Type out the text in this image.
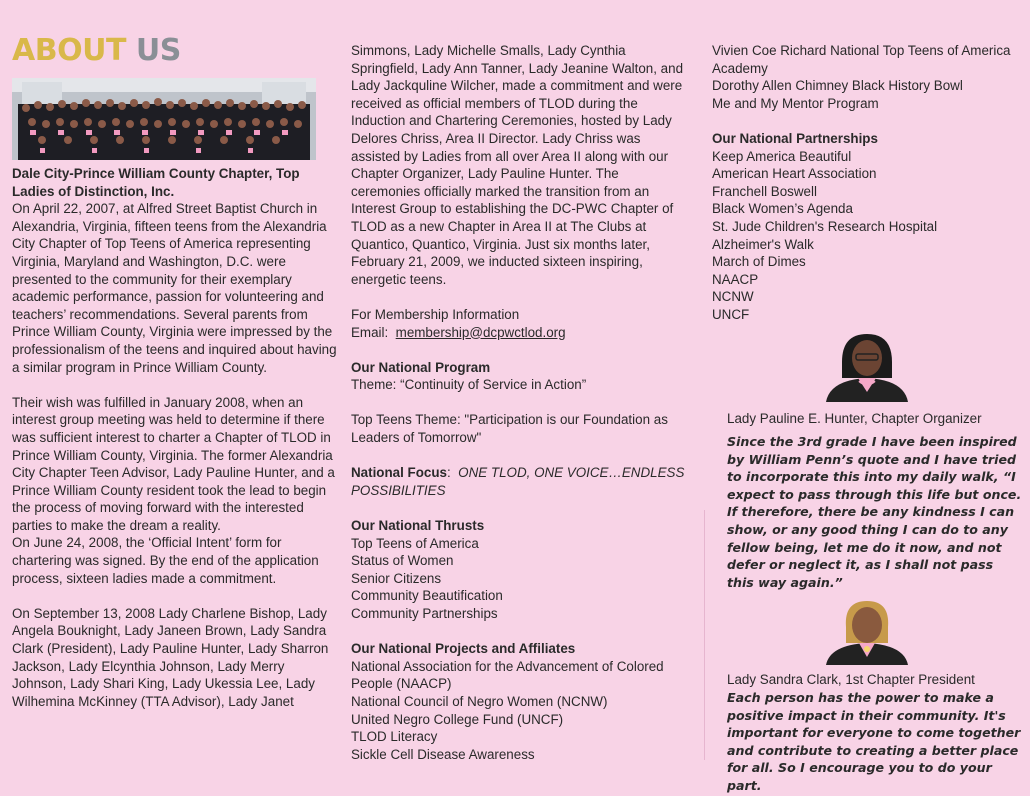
ABOUT US

Dale City-Prince William County Chapter, Top Ladies of Distinction, Inc.

On April 22, 2007, at Alfred Street Baptist Church in Alexandria, Virginia, fifteen teens from the Alexandria City Chapter of Top Teens of America representing Virginia, Maryland and Washington, D.C. were presented to the community for their exemplary academic performance, passion for volunteering and teachers’ recommendations. Several parents from Prince William County, Virginia were impressed by the professionalism of the teens and inquired about having a similar program in Prince William County.

Their wish was fulfilled in January 2008, when an interest group meeting was held to determine if there was sufficient interest to charter a Chapter of TLOD in Prince William County, Virginia. The former Alexandria City Chapter Teen Advisor, Lady Pauline Hunter, and a Prince William County resident took the lead to begin the process of moving forward with the interested parties to make the dream a reality.

On June 24, 2008, the ‘Official Intent’ form for chartering was signed. By the end of the application process, sixteen ladies made a commitment.

On September 13, 2008 Lady Charlene Bishop, Lady Angela Bouknight, Lady Janeen Brown, Lady Sandra Clark (President), Lady Pauline Hunter, Lady Sharron Jackson, Lady Elcynthia Johnson, Lady Merry Johnson, Lady Shari King, Lady Ukessia Lee, Lady Wilhemina McKinney (TTA Advisor), Lady Janet

Simmons, Lady Michelle Smalls, Lady Cynthia Springfield, Lady Ann Tanner, Lady Jeanine Walton, and Lady Jackquline Wilcher, made a commitment and were received as official members of TLOD during the Induction and Chartering Ceremonies, hosted by Lady Delores Chriss, Area II Director. Lady Chriss was assisted by Ladies from all over Area II along with our Chapter Organizer, Lady Pauline Hunter. The ceremonies officially marked the transition from an Interest Group to establishing the DC-PWC Chapter of TLOD as a new Chapter in Area II at The Clubs at Quantico, Quantico, Virginia. Just six months later, February 21, 2009, we inducted sixteen inspiring, energetic teens.

For Membership Information

Email: membership@dcpwctlod.org

Our National Program

Theme: “Continuity of Service in Action”

Top Teens Theme: "Participation is our Foundation as Leaders of Tomorrow"

National Focus: ONE TLOD, ONE VOICE…ENDLESS POSSIBILITIES

Our National Thrusts

Top Teens of America

Status of Women

Senior Citizens

Community Beautification

Community Partnerships

Our National Projects and Affiliates

National Association for the Advancement of Colored People (NAACP)

National Council of Negro Women (NCNW)

United Negro College Fund (UNCF)

TLOD Literacy

Sickle Cell Disease Awareness

Vivien Coe Richard National Top Teens of America Academy

Dorothy Allen Chimney Black History Bowl

Me and My Mentor Program

Our National Partnerships

Keep America Beautiful

American Heart Association

Franchell Boswell

Black Women’s Agenda

St. Jude Children's Research Hospital

Alzheimer's Walk

March of Dimes

NAACP

NCNW

UNCF

Lady Pauline E. Hunter, Chapter Organizer

Since the 3rd grade I have been inspired by William Penn’s quote and I have tried to incorporate this into my daily walk, “I expect to pass through this life but once. If therefore, there be any kindness I can show, or any good thing I can do to any fellow being, let me do it now, and not defer or neglect it, as I shall not pass this way again.”

Lady Sandra Clark, 1st Chapter President

Each person has the power to make a positive impact in their community. It's important for everyone to come together and contribute to creating a better place for all. So I encourage you to do your part.
